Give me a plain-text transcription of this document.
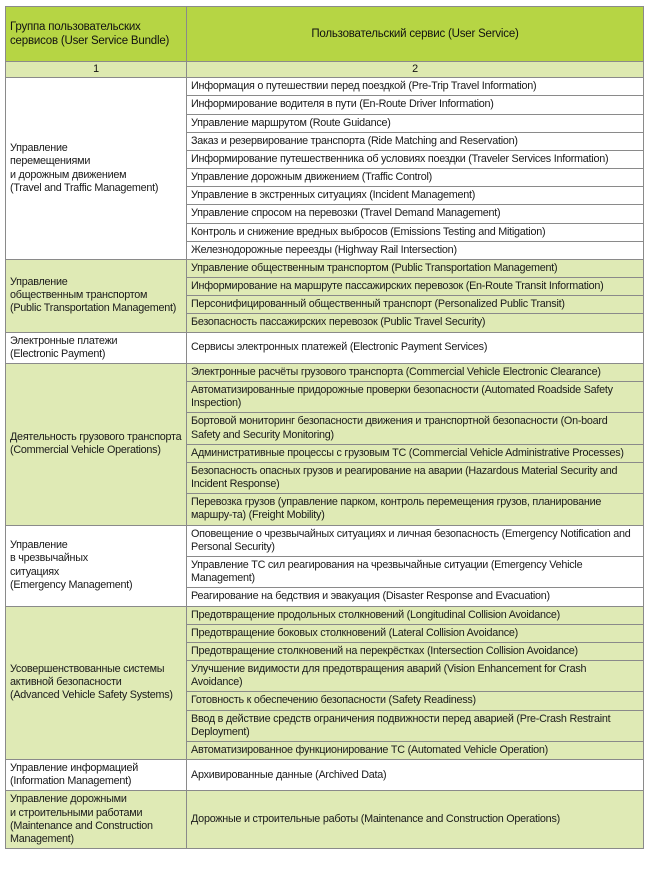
Группа пользовательских сервисов (User Service Bundle)	Пользовательский сервис (User Service)
1	2
Управление
перемещениями
и дорожным движением
(Travel and Traffic Management)	Информация о путешествии перед поездкой (Pre-Trip Travel Information)
	Информирование водителя в пути (En-Route Driver Information)
	Управление маршрутом (Route Guidance)
	Заказ и резервирование транспорта (Ride Matching and Reservation)
	Информирование путешественника об условиях поездки (Traveler Services Information)
	Управление дорожным движением (Traffic Control)
	Управление в экстренных ситуациях (Incident Management)
	Управление спросом на перевозки (Travel Demand Management)
	Контроль и снижение вредных выбросов (Emissions Testing and Mitigation)
	Железнодорожные переезды (Highway Rail Intersection)
Управление
общественным транспортом
(Public Transportation Management)	Управление общественным транспортом (Public Transportation Management)
	Информирование на маршруте пассажирских перевозок (En-Route Transit Information)
	Персонифицированный общественный транспорт (Personalized Public Transit)
	Безопасность пассажирских перевозок (Public Travel Security)
Электронные платежи
(Electronic Payment)	Сервисы электронных платежей (Electronic Payment Services)
Деятельность грузового транспорта
(Commercial Vehicle Operations)	Электронные расчёты грузового транспорта (Commercial Vehicle Electronic Clearance)
	Автоматизированные придорожные проверки безопасности (Automated Roadside Safety Inspection)
	Бортовой мониторинг безопасности движения и транспортной безопасности (On-board Safety and Security Monitoring)
	Административные процессы с грузовым ТС (Commercial Vehicle Administrative Processes)
	Безопасность опасных грузов и реагирование на аварии (Hazardous Material Security and Incident Response)
	Перевозка грузов (управление парком, контроль перемещения грузов, планирование маршру-та) (Freight Mobility)
Управление
в чрезвычайных
ситуациях
(Emergency Management)	Оповещение о чрезвычайных ситуациях и личная безопасность (Emergency Notification and Personal Security)
	Управление ТС сил реагирования на чрезвычайные ситуации (Emergency Vehicle Management)
	Реагирование на бедствия и эвакуация (Disaster Response and Evacuation)
Усовершенствованные системы
активной безопасности
(Advanced Vehicle Safety Systems)	Предотвращение продольных столкновений (Longitudinal Collision Avoidance)
	Предотвращение боковых столкновений (Lateral Collision Avoidance)
	Предотвращение столкновений на перекрёстках (Intersection Collision Avoidance)
	Улучшение видимости для предотвращения аварий (Vision Enhancement for Crash Avoidance)
	Готовность к обеспечению безопасности (Safety Readiness)
	Ввод в действие средств ограничения подвижности перед аварией (Pre-Crash Restraint Deployment)
	Автоматизированное функционирование ТС (Automated Vehicle Operation)
Управление информацией
(Information Management)	Архивированные данные (Archived Data)
Управление дорожными
и строительными работами
(Maintenance and Construction
Management)	Дорожные и строительные работы (Maintenance and Construction Operations)
